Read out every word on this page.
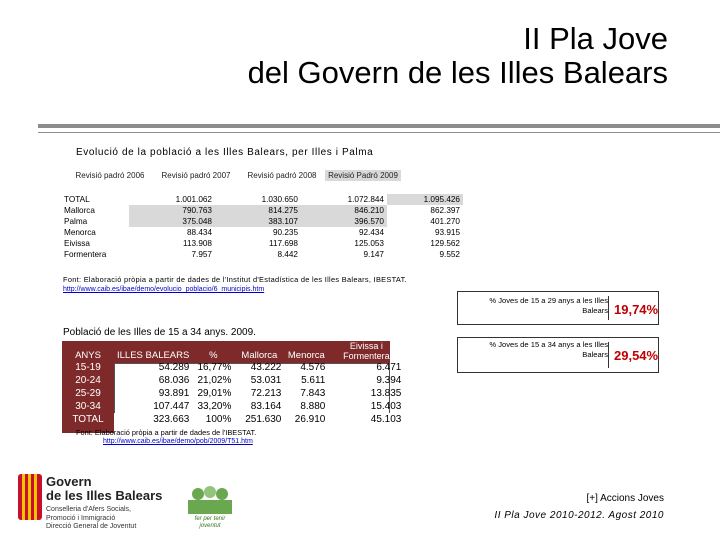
II Pla Jove
del Govern de les Illes Balears
Evolució de la població a les Illes Balears, per Illes i Palma
	Revisió padró 2006	Revisió padró 2007	Revisió padró 2008	Revisió Padró 2009
TOTAL	1.001.062	1.030.650	1.072.844	1.095.426
Mallorca	790.763	814.275	846.210	862.397
Palma	375.048	383.107	396.570	401.270
Menorca	88.434	90.235	92.434	93.915
Eivissa	113.908	117.698	125.053	129.562
Formentera	7.957	8.442	9.147	9.552
Font: Elaboració pròpia a partir de dades de l'Institut d'Estadística de les Illes Balears, IBESTAT.
http://www.caib.es/ibae/demo/evolucio_poblacio/6_municipis.htm
% Joves de 15 a 29 anys a les Illes
Balears 19,74%
% Joves de 15 a 34 anys a les Illes
Balears 29,54%
Població de les Illes de 15 a 34 anys. 2009.
ANYS	ILLES BALEARS	%	Mallorca	Menorca	Eivissa i Formentera
15-19	54.289	16,77%	43.222	4.576	6.471
20-24	68.036	21,02%	53.031	5.611	9.394
25-29	93.891	29,01%	72.213	7.843	13.835
30-34	107.447	33,20%	83.164	8.880	15.403
TOTAL	323.663	100%	251.630	26.910	45.103
Font: Elaboració pròpia a partir de dades de l'IBESTAT.
http://www.caib.es/ibae/demo/pob/2009/T51.htm
Govern
de les Illes Balears
Conselleria d'Afers Socials,
Promoció i Immigració
Direcció General de Joventut
fer per tenir joventut
[+] Accions Joves
II Pla Jove 2010-2012. Agost 2010
